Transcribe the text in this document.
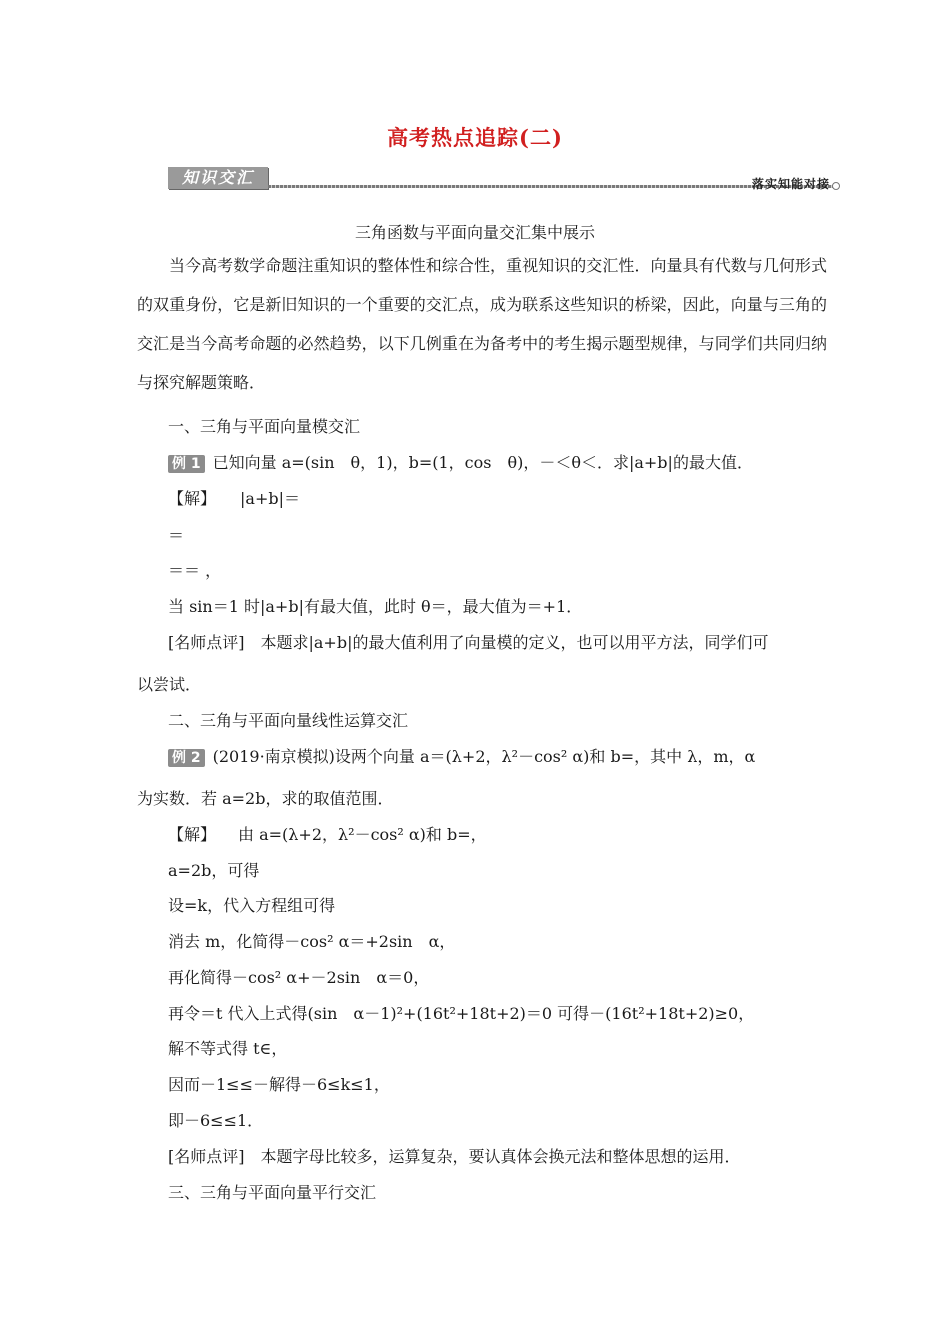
高考热点追踪(二)
知识交汇	落实知能对接
三角函数与平面向量交汇集中展示
当今高考数学命题注重知识的整体性和综合性，重视知识的交汇性．向量具有代数与几何形式的双重身份，它是新旧知识的一个重要的交汇点，成为联系这些知识的桥梁，因此，向量与三角的交汇是当今高考命题的必然趋势，以下几例重在为备考中的考生揭示题型规律，与同学们共同归纳与探究解题策略．
一、三角与平面向量模交汇
例 1 已知向量 a=(sin　θ，1)，b=(1，cos　θ)，－＜θ＜．求|a+b|的最大值．
【解】 |a+b|＝
＝
＝＝ ，
当 sin＝1 时|a+b|有最大值，此时 θ＝，最大值为＝+1．
[名师点评]　本题求|a+b|的最大值利用了向量模的定义，也可以用平方法，同学们可
以尝试．
二、三角与平面向量线性运算交汇
例 2 (2019·南京模拟)设两个向量 a＝(λ+2，λ²－cos² α)和 b=，其中 λ，m，α
为实数．若 a=2b，求的取值范围．
【解】 由 a=(λ+2，λ²－cos² α)和 b=，
a=2b，可得
设=k，代入方程组可得
消去 m，化简得－cos² α＝+2sin　α，
再化简得－cos² α+－2sin　α＝0，
再令＝t 代入上式得(sin　α－1)²+(16t²+18t+2)＝0 可得－(16t²+18t+2)≥0，
解不等式得 t∈，
因而－1≤≤－解得－6≤k≤1，
即－6≤≤1．
[名师点评]　本题字母比较多，运算复杂，要认真体会换元法和整体思想的运用．
三、三角与平面向量平行交汇
